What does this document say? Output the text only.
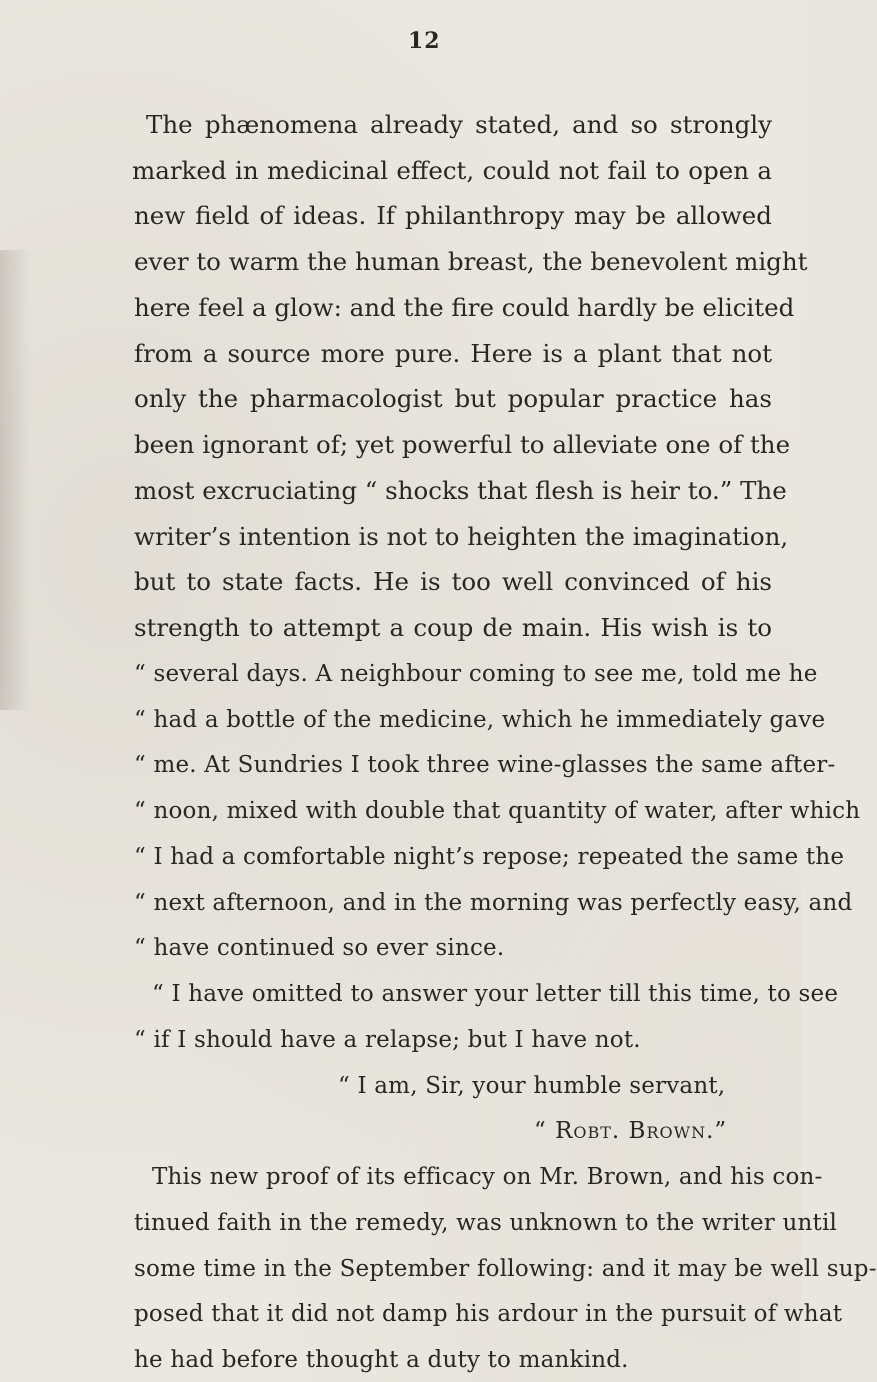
12
The phænomena already stated, and so strongly
marked in medicinal effect, could not fail to open a
new field of ideas. If philanthropy may be allowed
ever to warm the human breast, the benevolent might
here feel a glow: and the fire could hardly be elicited
from a source more pure. Here is a plant that not
only the pharmacologist but popular practice has
been ignorant of; yet powerful to alleviate one of the
most excruciating “ shocks that flesh is heir to.” The
writer’s intention is not to heighten the imagination,
but to state facts. He is too well convinced of his
strength to attempt a coup de main. His wish is to
“ several days. A neighbour coming to see me, told me he
“ had a bottle of the medicine, which he immediately gave
“ me. At Sundries I took three wine-glasses the same after-
“ noon, mixed with double that quantity of water, after which
“ I had a comfortable night’s repose; repeated the same the
“ next afternoon, and in the morning was perfectly easy, and
“ have continued so ever since.
“ I have omitted to answer your letter till this time, to see
“ if I should have a relapse; but I have not.
“ I am, Sir, your humble servant,
“ Robt. Brown.”
This new proof of its efficacy on Mr. Brown, and his con-
tinued faith in the remedy, was unknown to the writer until
some time in the September following: and it may be well sup-
posed that it did not damp his ardour in the pursuit of what
he had before thought a duty to mankind.
